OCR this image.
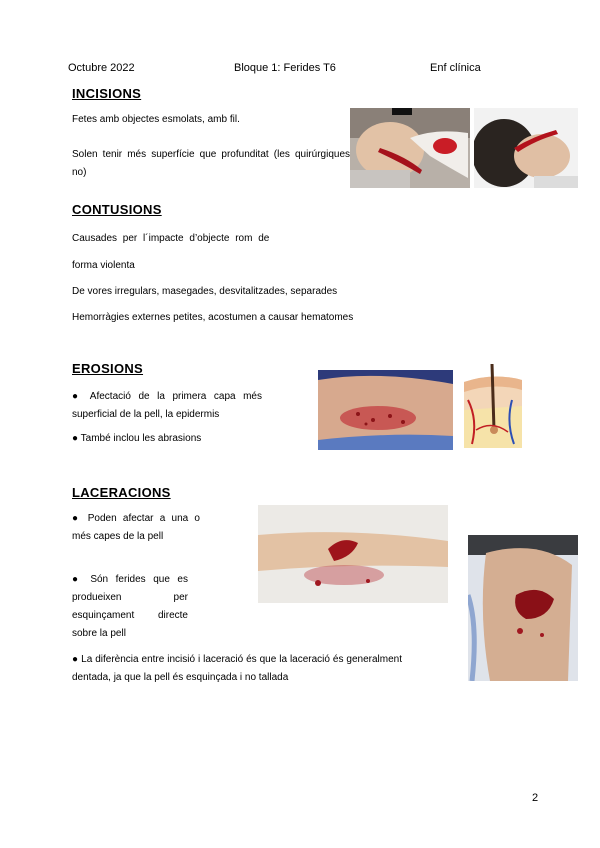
Octubre 2022	Bloque 1: Ferides T6	Enf clínica
INCISIONS
Fetes amb objectes esmolats, amb fil.
Solen tenir més superfície que profunditat (les quirúrgiques no)
CONTUSIONS
Causades per l´impacte d’objecte rom de
forma violenta
De vores irregulars, masegades, desvitalitzades, separades
Hemorràgies externes petites, acostumen a causar hematomes
EROSIONS
● Afectació de la primera capa més superficial de la pell, la epidermis
● També inclou les abrasions
LACERACIONS
● Poden afectar a una o més capes de la pell
● Són ferides que es produeixen per esquinçament directe sobre la pell
● La diferència entre incisió i laceració és que la laceració és generalment dentada, ja que la pell és esquinçada i no tallada
2
